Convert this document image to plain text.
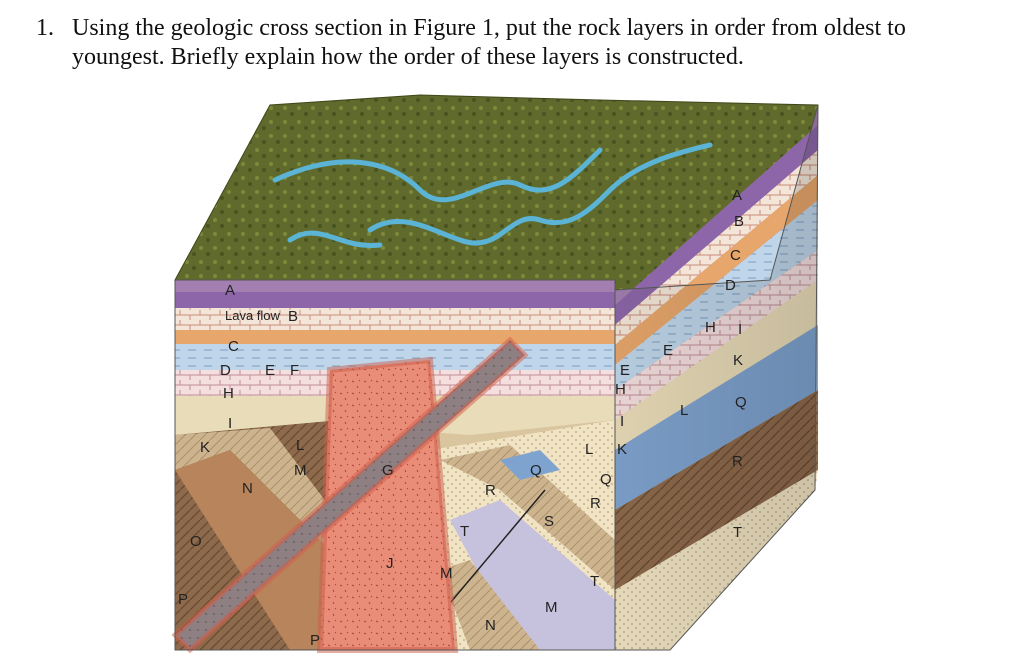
1. Using the geologic cross section in Figure 1, put the rock layers in order from oldest to youngest. Briefly explain how the order of these layers is constructed.
A
Lava flow B
C
D E F
H
I
K	L
M
N
O
P
G
J
R
Q
S
T
M
N
T
R
Q
K
L
I
H
E
M
P
A
B
C
D
E
H I
K
L	Q
R
T
